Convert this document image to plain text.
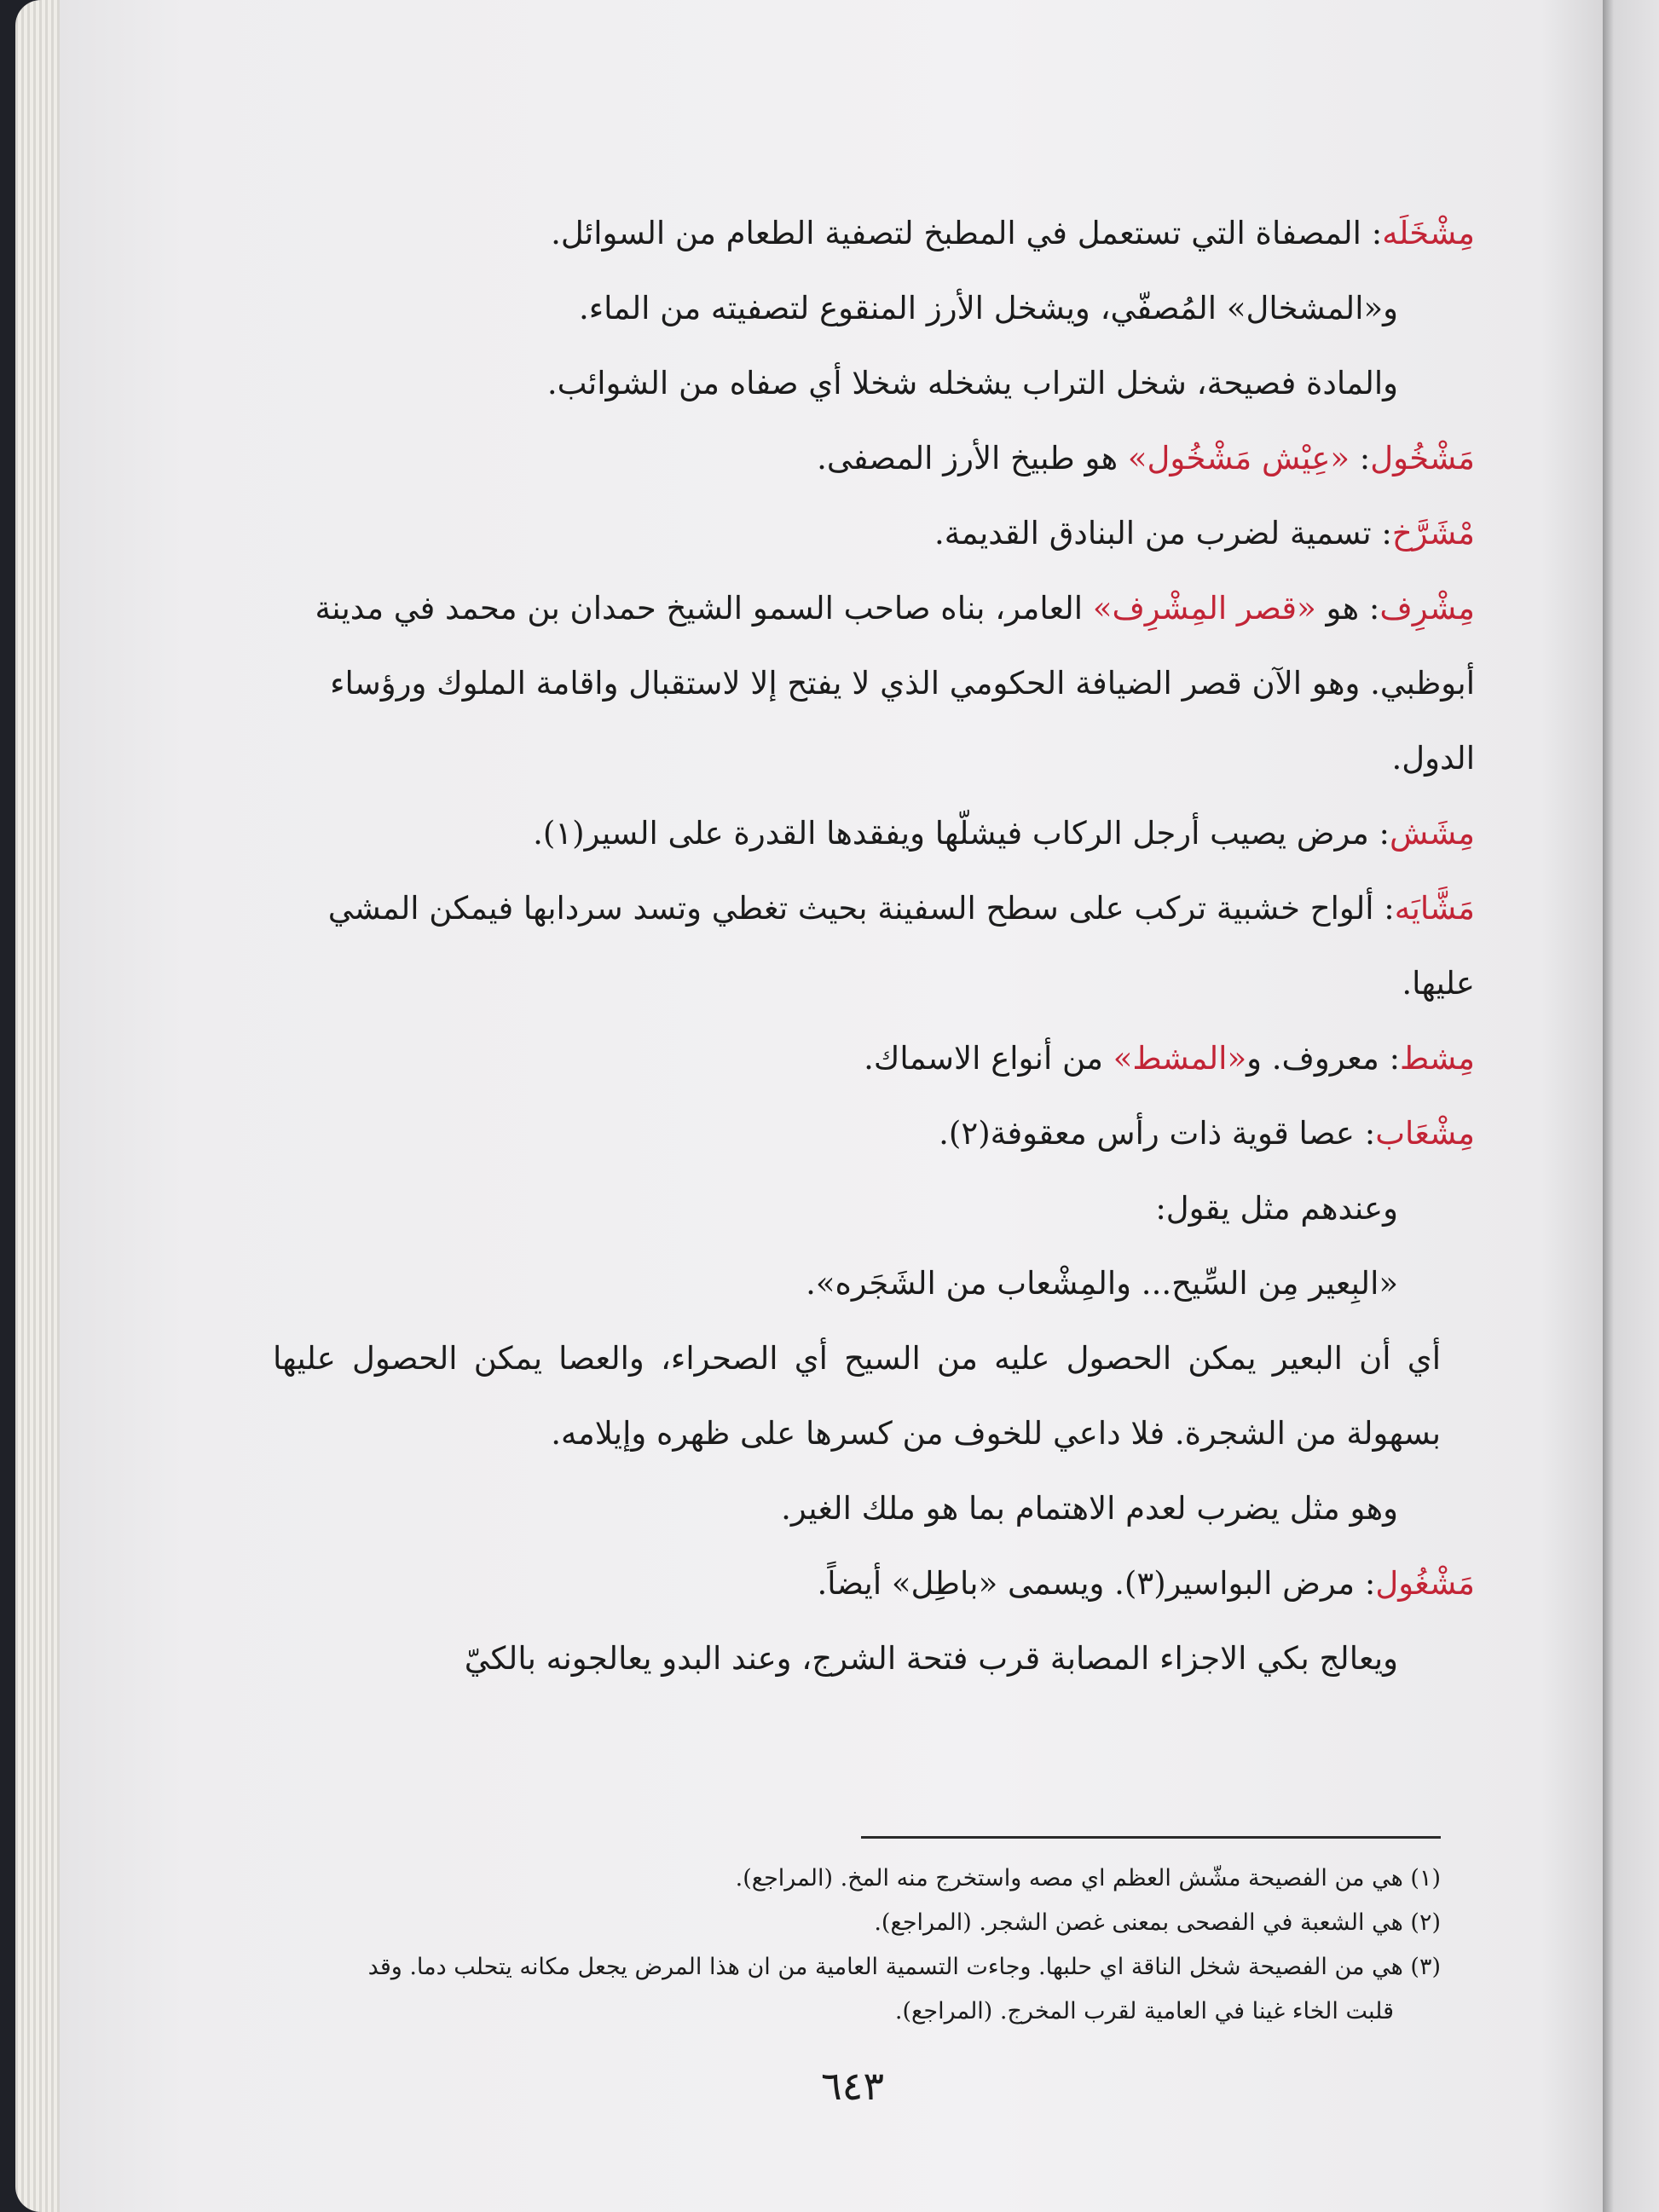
مِشْخَلَه: المصفاة التي تستعمل في المطبخ لتصفية الطعام من السوائل.

و«المشخال» المُصفّي، ويشخل الأرز المنقوع لتصفيته من الماء.

والمادة فصيحة، شخل التراب يشخله شخلا أي صفاه من الشوائب.

مَشْخُول: «عِيْش مَشْخُول» هو طبيخ الأرز المصفى.

مْشَرَّخ: تسمية لضرب من البنادق القديمة.

مِشْرِف: هو «قصر المِشْرِف» العامر، بناه صاحب السمو الشيخ حمدان بن محمد في مدينة أبوظبي. وهو الآن قصر الضيافة الحكومي الذي لا يفتح إلا لاستقبال واقامة الملوك ورؤساء الدول.

مِشَش: مرض يصيب أرجل الركاب فيشلّها ويفقدها القدرة على السير(١).

مَشَّايَه: ألواح خشبية تركب على سطح السفينة بحيث تغطي وتسد سردابها فيمكن المشي عليها.

مِشط: معروف. و«المشط» من أنواع الاسماك.

مِشْعَاب: عصا قوية ذات رأس معقوفة(٢).

وعندهم مثل يقول:

«البِعير مِن السِّيح... والمِشْعاب من الشَجَره».

أي أن البعير يمكن الحصول عليه من السيح أي الصحراء، والعصا يمكن الحصول عليها بسهولة من الشجرة. فلا داعي للخوف من كسرها على ظهره وإيلامه.

وهو مثل يضرب لعدم الاهتمام بما هو ملك الغير.

مَشْغُول: مرض البواسير(٣). ويسمى «باطِل» أيضاً.

ويعالج بكي الاجزاء المصابة قرب فتحة الشرج، وعند البدو يعالجونه بالكيّ

(١) هي من الفصيحة مشّش العظم اي مصه واستخرج منه المخ. (المراجع).

(٢) هي الشعبة في الفصحى بمعنى غصن الشجر. (المراجع).

(٣) هي من الفصيحة شخل الناقة اي حلبها. وجاءت التسمية العامية من ان هذا المرض يجعل مكانه يتحلب دما. وقد

قلبت الخاء غينا في العامية لقرب المخرج. (المراجع).

٦٤٣
